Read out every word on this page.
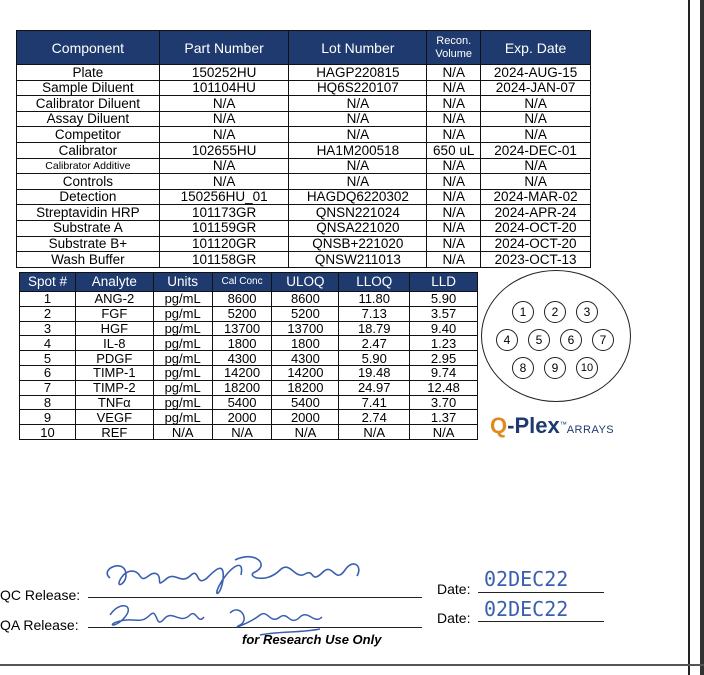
Component	Part Number	Lot Number	Recon.
Volume	Exp. Date
Plate	150252HU	HAGP220815	N/A	2024-AUG-15
Sample Diluent	101104HU	HQ6S220107	N/A	2024-JAN-07
Calibrator Diluent	N/A	N/A	N/A	N/A
Assay Diluent	N/A	N/A	N/A	N/A
Competitor	N/A	N/A	N/A	N/A
Calibrator	102655HU	HA1M200518	650 uL	2024-DEC-01
Calibrator Additive	N/A	N/A	N/A	N/A
Controls	N/A	N/A	N/A	N/A
Detection	150256HU_01	HAGDQ6220302	N/A	2024-MAR-02
Streptavidin HRP	101173GR	QNSN221024	N/A	2024-APR-24
Substrate A	101159GR	QNSA221020	N/A	2024-OCT-20
Substrate B+	101120GR	QNSB+221020	N/A	2024-OCT-20
Wash Buffer	101158GR	QNSW211013	N/A	2023-OCT-13
Spot #	Analyte	Units	Cal Conc	ULOQ	LLOQ	LLD
1	ANG-2	pg/mL	8600	8600	11.80	5.90
2	FGF	pg/mL	5200	5200	7.13	3.57
3	HGF	pg/mL	13700	13700	18.79	9.40
4	IL-8	pg/mL	1800	1800	2.47	1.23
5	PDGF	pg/mL	4300	4300	5.90	2.95
6	TIMP-1	pg/mL	14200	14200	19.48	9.74
7	TIMP-2	pg/mL	18200	18200	24.97	12.48
8	TNFα	pg/mL	5400	5400	7.41	3.70
9	VEGF	pg/mL	2000	2000	2.74	1.37
10	REF	N/A	N/A	N/A	N/A	N/A
1	2	3
4	5	6	7
8	9	10
Q-Plex™ARRAYS
QC Release:
QA Release:
Date:
Date:
02DEC22
02DEC22
for Research Use Only
